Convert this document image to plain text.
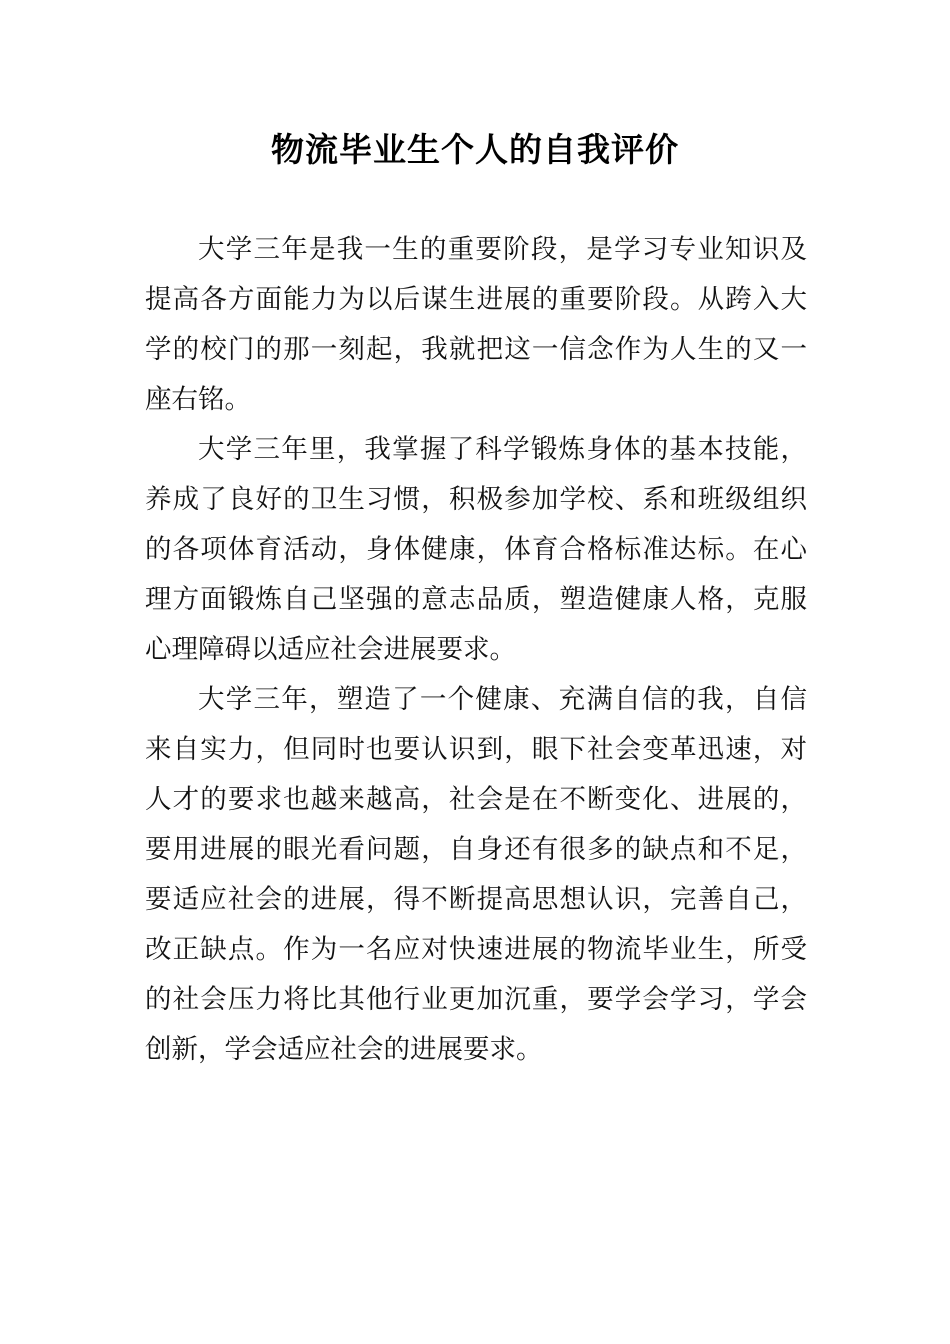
物流毕业生个人的自我评价

大学三年是我一生的重要阶段，是学习专业知识及提高各方面能力为以后谋生进展的重要阶段。从跨入大学的校门的那一刻起，我就把这一信念作为人生的又一座右铭。

大学三年里，我掌握了科学锻炼身体的基本技能，养成了良好的卫生习惯，积极参加学校、系和班级组织的各项体育活动，身体健康，体育合格标准达标。在心理方面锻炼自己坚强的意志品质，塑造健康人格，克服心理障碍以适应社会进展要求。

大学三年，塑造了一个健康、充满自信的我，自信来自实力，但同时也要认识到，眼下社会变革迅速，对人才的要求也越来越高，社会是在不断变化、进展的，要用进展的眼光看问题，自身还有很多的缺点和不足，要适应社会的进展，得不断提高思想认识，完善自己，改正缺点。作为一名应对快速进展的物流毕业生，所受的社会压力将比其他行业更加沉重，要学会学习，学会创新，学会适应社会的进展要求。
